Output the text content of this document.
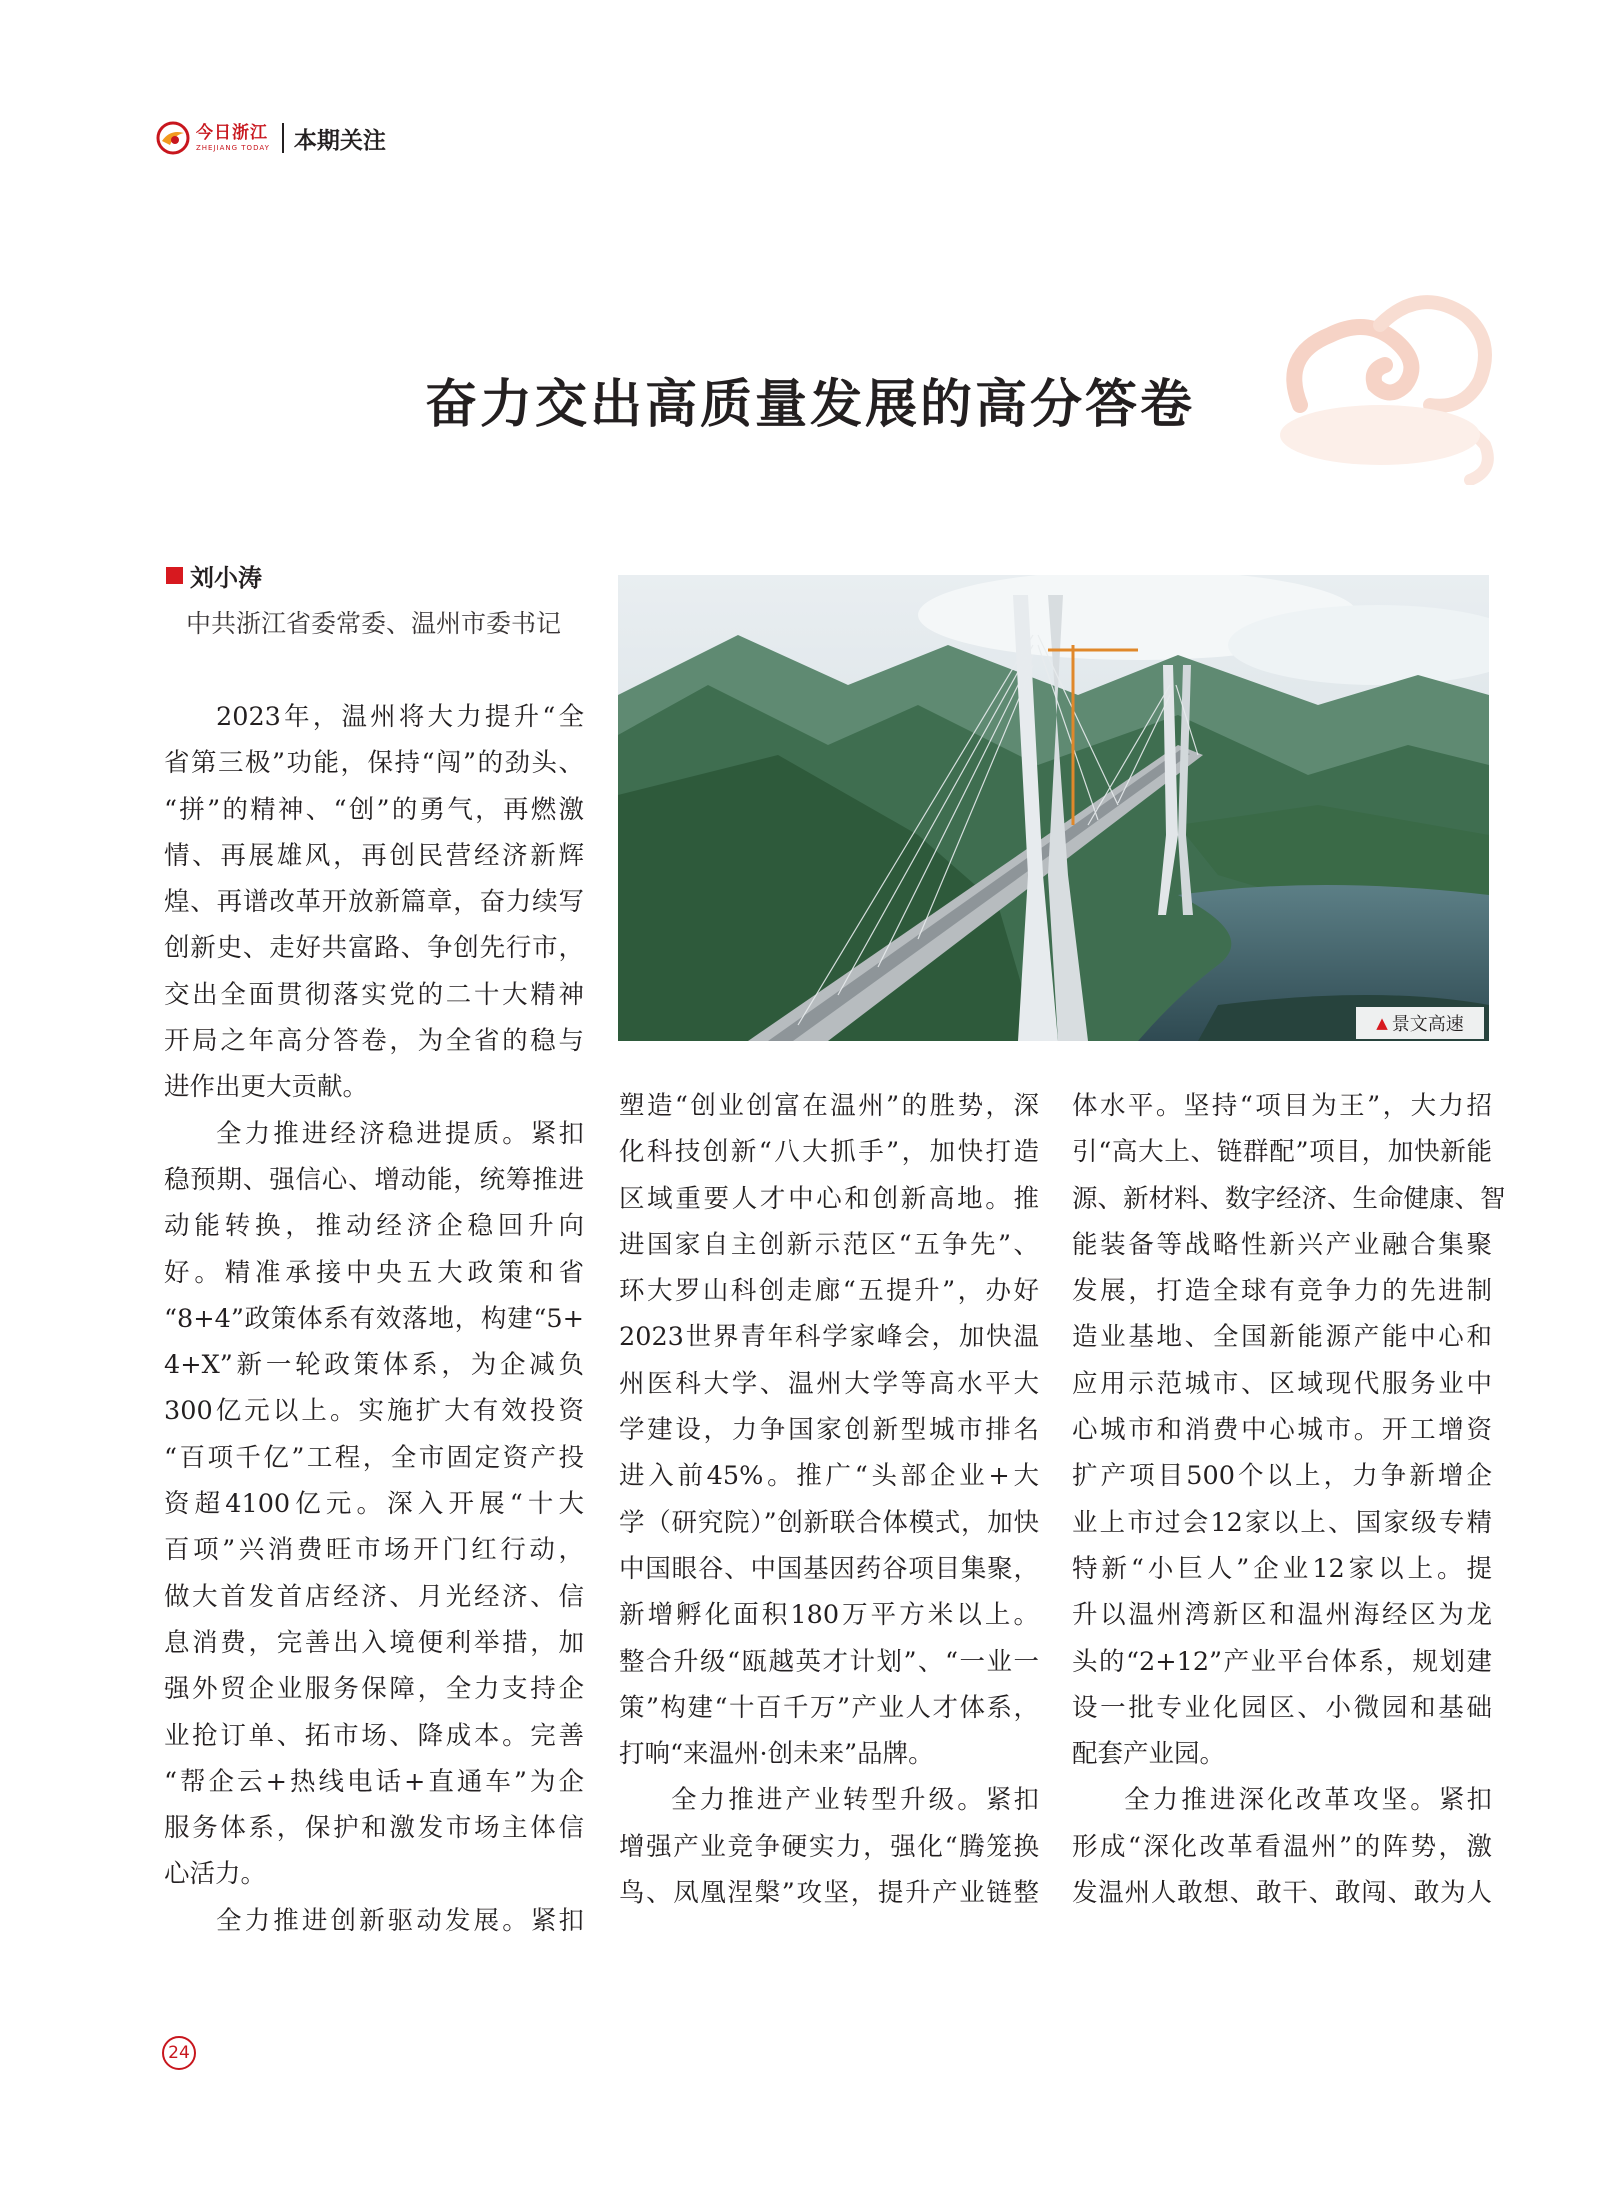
今日浙江
ZHEJIANG TODAY 本期关注
奋力交出高质量发展的高分答卷
刘小涛
中共浙江省委常委、温州市委书记
▲ 景文高速
2023年，温州将大力提升“全
省第三极”功能，保持“闯”的劲头、
“拼”的精神、“创”的勇气，再燃激
情、再展雄风，再创民营经济新辉
煌、再谱改革开放新篇章，奋力续写
创新史、走好共富路、争创先行市，
交出全面贯彻落实党的二十大精神
开局之年高分答卷，为全省的稳与
进作出更大贡献。
全力推进经济稳进提质。紧扣
稳预期、强信心、增动能，统筹推进
动能转换，推动经济企稳回升向
好。精准承接中央五大政策和省
“8+4”政策体系有效落地，构建“5+
4+X”新一轮政策体系，为企减负
300亿元以上。实施扩大有效投资
“百项千亿”工程，全市固定资产投
资超4100亿元。深入开展“十大
百项”兴消费旺市场开门红行动，
做大首发首店经济、月光经济、信
息消费，完善出入境便利举措，加
强外贸企业服务保障，全力支持企
业抢订单、拓市场、降成本。完善
“帮企云+热线电话+直通车”为企
服务体系，保护和激发市场主体信
心活力。
全力推进创新驱动发展。紧扣
塑造“创业创富在温州”的胜势，深
化科技创新“八大抓手”，加快打造
区域重要人才中心和创新高地。推
进国家自主创新示范区“五争先”、
环大罗山科创走廊“五提升”，办好
2023世界青年科学家峰会，加快温
州医科大学、温州大学等高水平大
学建设，力争国家创新型城市排名
进入前45%。推广“头部企业+大
学（研究院）”创新联合体模式，加快
中国眼谷、中国基因药谷项目集聚，
新增孵化面积180万平方米以上。
整合升级“瓯越英才计划”、“一业一
策”构建“十百千万”产业人才体系，
打响“来温州·创未来”品牌。
全力推进产业转型升级。紧扣
增强产业竞争硬实力，强化“腾笼换
鸟、凤凰涅槃”攻坚，提升产业链整
体水平。坚持“项目为王”，大力招
引“高大上、链群配”项目，加快新能
源、新材料、数字经济、生命健康、智
能装备等战略性新兴产业融合集聚
发展，打造全球有竞争力的先进制
造业基地、全国新能源产能中心和
应用示范城市、区域现代服务业中
心城市和消费中心城市。开工增资
扩产项目500个以上，力争新增企
业上市过会12家以上、国家级专精
特新“小巨人”企业12家以上。提
升以温州湾新区和温州海经区为龙
头的“2+12”产业平台体系，规划建
设一批专业化园区、小微园和基础
配套产业园。
全力推进深化改革攻坚。紧扣
形成“深化改革看温州”的阵势，激
发温州人敢想、敢干、敢闯、敢为人
24
